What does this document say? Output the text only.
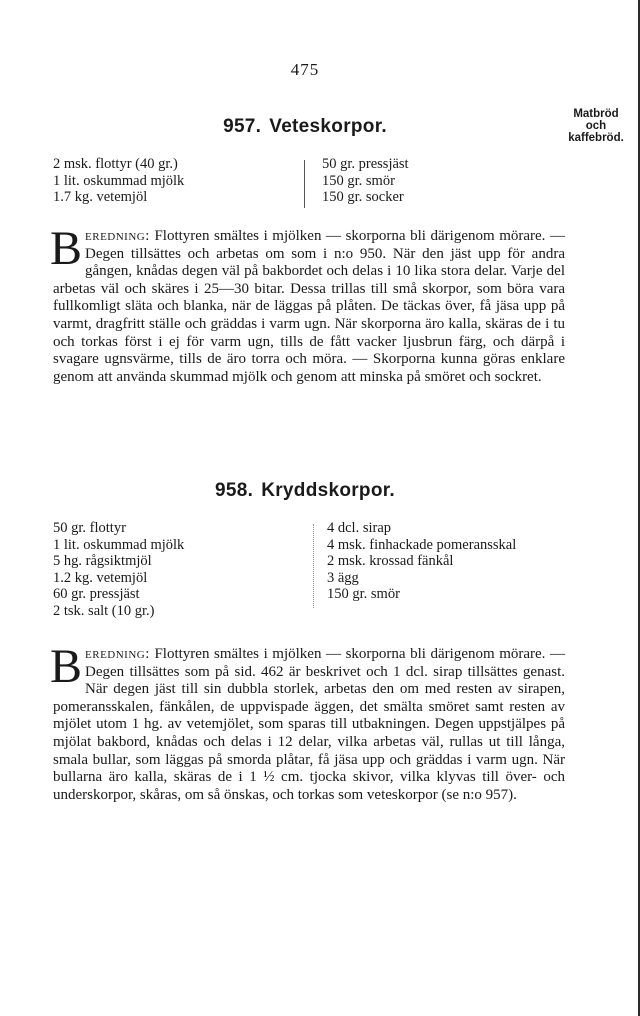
475
Matbröd
och
kaffebröd.
957. Veteskorpor.
2 msk. flottyr (40 gr.)
1 lit. oskummad mjölk
1.7 kg. vetemjöl
50 gr. pressjäst
150 gr. smör
150 gr. socker
Beredning: Flottyren smältes i mjölken — skorporna bli därigenom mörare. — Degen tillsättes och arbetas om som i n:o 950. När den jäst upp för andra gången, knådas degen väl på bakbordet och delas i 10 lika stora delar. Varje del arbetas väl och skäres i 25—30 bitar. Dessa trillas till små skorpor, som böra vara fullkomligt släta och blanka, när de läggas på plåten. De täckas över, få jäsa upp på varmt, dragfritt ställe och gräddas i varm ugn. När skorporna äro kalla, skäras de i tu och torkas först i ej för varm ugn, tills de fått vacker ljusbrun färg, och därpå i svagare ugnsvärme, tills de äro torra och möra. — Skorporna kunna göras enklare genom att använda skummad mjölk och genom att minska på smöret och sockret.
958. Kryddskorpor.
50 gr. flottyr
1 lit. oskummad mjölk
5 hg. rågsiktmjöl
1.2 kg. vetemjöl
60 gr. pressjäst
2 tsk. salt (10 gr.)
4 dcl. sirap
4 msk. finhackade pomeransskal
2 msk. krossad fänkål
3 ägg
150 gr. smör
Beredning: Flottyren smältes i mjölken — skorporna bli därigenom mörare. — Degen tillsättes som på sid. 462 är beskrivet och 1 dcl. sirap tillsättes genast. När degen jäst till sin dubbla storlek, arbetas den om med resten av sirapen, pomeransskalen, fänkålen, de uppvispade äggen, det smälta smöret samt resten av mjölet utom 1 hg. av vetemjölet, som sparas till utbakningen. Degen uppstjälpes på mjölat bakbord, knådas och delas i 12 delar, vilka arbetas väl, rullas ut till långa, smala bullar, som läggas på smorda plåtar, få jäsa upp och gräddas i varm ugn. När bullarna äro kalla, skäras de i 1 ½ cm. tjocka skivor, vilka klyvas till över- och underskorpor, skåras, om så önskas, och torkas som veteskorpor (se n:o 957).
